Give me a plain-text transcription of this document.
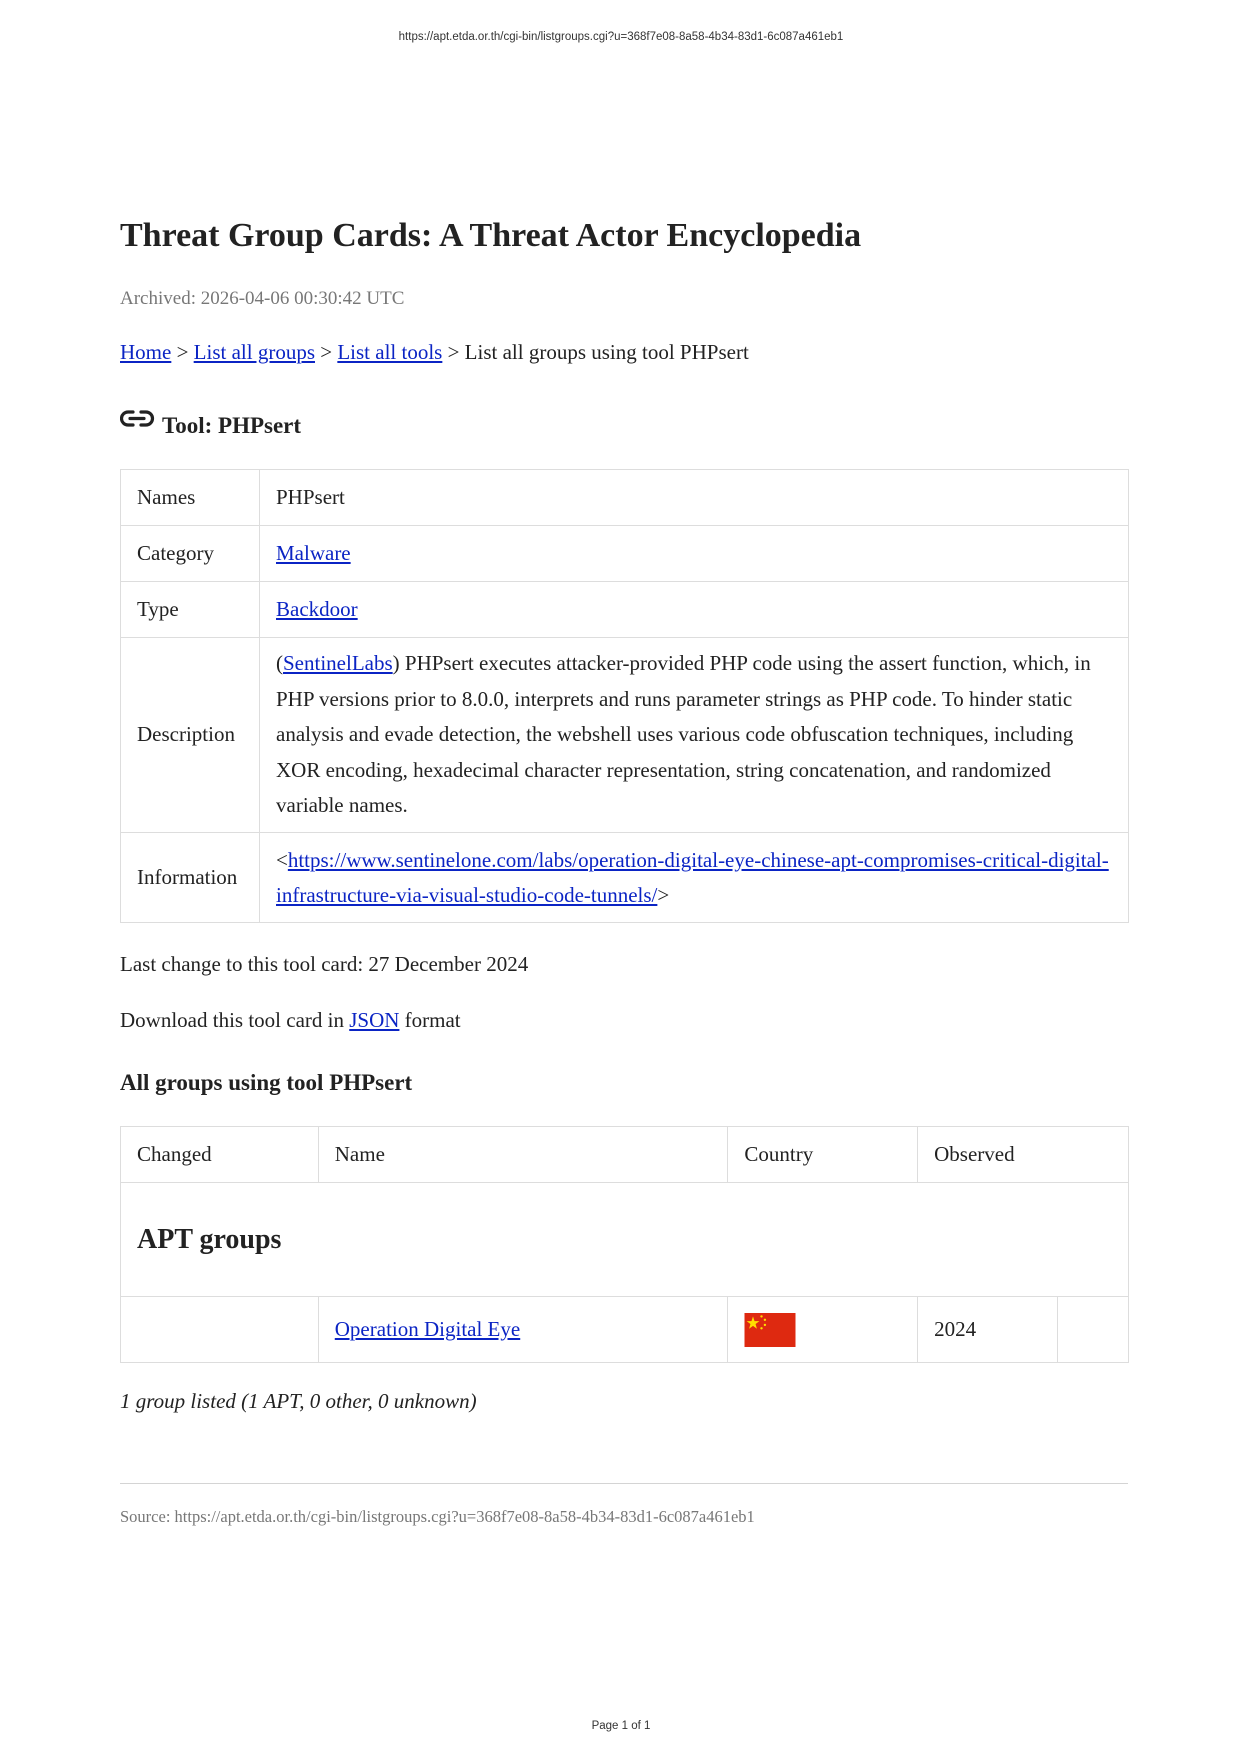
https://apt.etda.or.th/cgi-bin/listgroups.cgi?u=368f7e08-8a58-4b34-83d1-6c087a461eb1
Threat Group Cards: A Threat Actor Encyclopedia
Archived: 2026-04-06 00:30:42 UTC
Home > List all groups > List all tools > List all groups using tool PHPsert
Tool: PHPsert
Names	PHPsert
Category	Malware
Type	Backdoor
Description	(SentinelLabs) PHPsert executes attacker-provided PHP code using the assert function, which, in PHP versions prior to 8.0.0, interprets and runs parameter strings as PHP code. To hinder static analysis and evade detection, the webshell uses various code obfuscation techniques, including XOR encoding, hexadecimal character representation, string concatenation, and randomized variable names.
Information	<https://www.sentinelone.com/labs/operation-digital-eye-chinese-apt-compromises-critical-digital-infrastructure-via-visual-studio-code-tunnels/>
Last change to this tool card: 27 December 2024
Download this tool card in JSON format
All groups using tool PHPsert
Changed	Name	Country	Observed	
APT groups				
	Operation Digital Eye		2024	
1 group listed (1 APT, 0 other, 0 unknown)
Source: https://apt.etda.or.th/cgi-bin/listgroups.cgi?u=368f7e08-8a58-4b34-83d1-6c087a461eb1
Page 1 of 1
